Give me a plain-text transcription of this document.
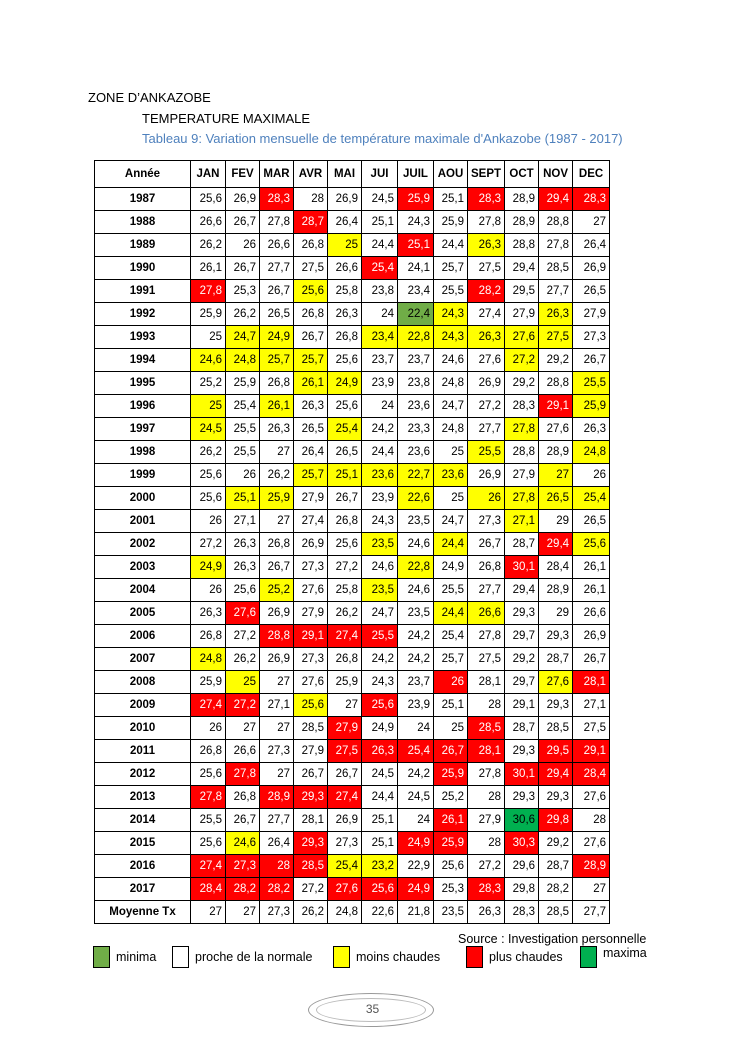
ZONE D’ANKAZOBE
TEMPERATURE MAXIMALE
Tableau 9: Variation mensuelle de température maximale d'Ankazobe (1987 - 2017)
Année	JAN	FEV	MAR	AVR	MAI	JUI	JUIL	AOU	SEPT	OCT	NOV	DEC
1987	25,6	26,9	28,3	28	26,9	24,5	25,9	25,1	28,3	28,9	29,4	28,3
1988	26,6	26,7	27,8	28,7	26,4	25,1	24,3	25,9	27,8	28,9	28,8	27
1989	26,2	26	26,6	26,8	25	24,4	25,1	24,4	26,3	28,8	27,8	26,4
1990	26,1	26,7	27,7	27,5	26,6	25,4	24,1	25,7	27,5	29,4	28,5	26,9
1991	27,8	25,3	26,7	25,6	25,8	23,8	23,4	25,5	28,2	29,5	27,7	26,5
1992	25,9	26,2	26,5	26,8	26,3	24	22,4	24,3	27,4	27,9	26,3	27,9
1993	25	24,7	24,9	26,7	26,8	23,4	22,8	24,3	26,3	27,6	27,5	27,3
1994	24,6	24,8	25,7	25,7	25,6	23,7	23,7	24,6	27,6	27,2	29,2	26,7
1995	25,2	25,9	26,8	26,1	24,9	23,9	23,8	24,8	26,9	29,2	28,8	25,5
1996	25	25,4	26,1	26,3	25,6	24	23,6	24,7	27,2	28,3	29,1	25,9
1997	24,5	25,5	26,3	26,5	25,4	24,2	23,3	24,8	27,7	27,8	27,6	26,3
1998	26,2	25,5	27	26,4	26,5	24,4	23,6	25	25,5	28,8	28,9	24,8
1999	25,6	26	26,2	25,7	25,1	23,6	22,7	23,6	26,9	27,9	27	26
2000	25,6	25,1	25,9	27,9	26,7	23,9	22,6	25	26	27,8	26,5	25,4
2001	26	27,1	27	27,4	26,8	24,3	23,5	24,7	27,3	27,1	29	26,5
2002	27,2	26,3	26,8	26,9	25,6	23,5	24,6	24,4	26,7	28,7	29,4	25,6
2003	24,9	26,3	26,7	27,3	27,2	24,6	22,8	24,9	26,8	30,1	28,4	26,1
2004	26	25,6	25,2	27,6	25,8	23,5	24,6	25,5	27,7	29,4	28,9	26,1
2005	26,3	27,6	26,9	27,9	26,2	24,7	23,5	24,4	26,6	29,3	29	26,6
2006	26,8	27,2	28,8	29,1	27,4	25,5	24,2	25,4	27,8	29,7	29,3	26,9
2007	24,8	26,2	26,9	27,3	26,8	24,2	24,2	25,7	27,5	29,2	28,7	26,7
2008	25,9	25	27	27,6	25,9	24,3	23,7	26	28,1	29,7	27,6	28,1
2009	27,4	27,2	27,1	25,6	27	25,6	23,9	25,1	28	29,1	29,3	27,1
2010	26	27	27	28,5	27,9	24,9	24	25	28,5	28,7	28,5	27,5
2011	26,8	26,6	27,3	27,9	27,5	26,3	25,4	26,7	28,1	29,3	29,5	29,1
2012	25,6	27,8	27	26,7	26,7	24,5	24,2	25,9	27,8	30,1	29,4	28,4
2013	27,8	26,8	28,9	29,3	27,4	24,4	24,5	25,2	28	29,3	29,3	27,6
2014	25,5	26,7	27,7	28,1	26,9	25,1	24	26,1	27,9	30,6	29,8	28
2015	25,6	24,6	26,4	29,3	27,3	25,1	24,9	25,9	28	30,3	29,2	27,6
2016	27,4	27,3	28	28,5	25,4	23,2	22,9	25,6	27,2	29,6	28,7	28,9
2017	28,4	28,2	28,2	27,2	27,6	25,6	24,9	25,3	28,3	29,8	28,2	27
Moyenne Tx	27	27	27,3	26,2	24,8	22,6	21,8	23,5	26,3	28,3	28,5	27,7
Source : Investigation personnelle
minima	proche de la normale	moins chaudes	plus chaudes	maxima
35
